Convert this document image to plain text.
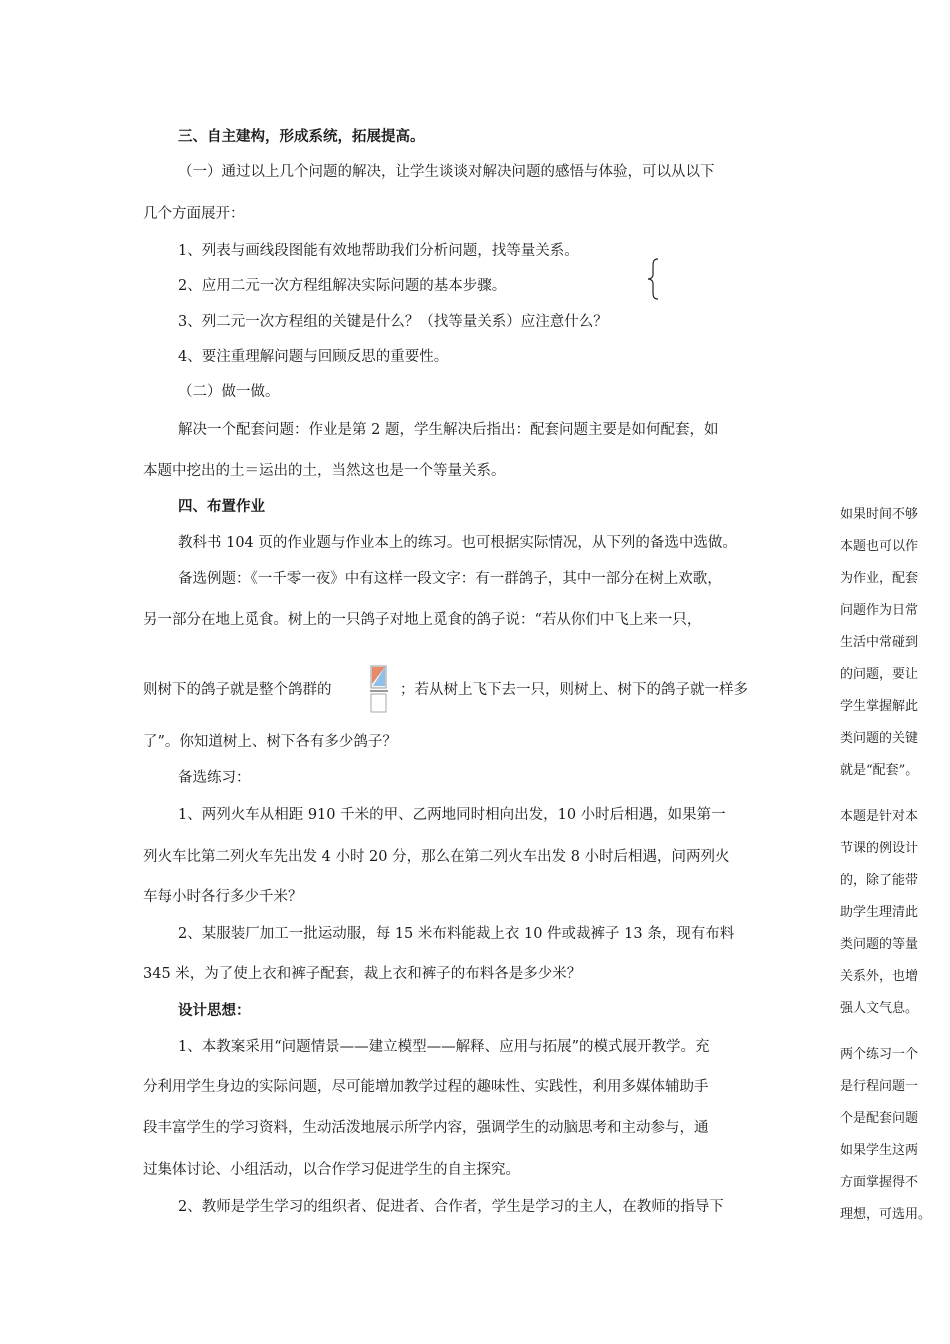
三、自主建构，形成系统，拓展提高。
（一）通过以上几个问题的解决，让学生谈谈对解决问题的感悟与体验，可以从以下
几个方面展开：
1、列表与画线段图能有效地帮助我们分析问题，找等量关系。
2、应用二元一次方程组解决实际问题的基本步骤。
3、列二元一次方程组的关键是什么？（找等量关系）应注意什么？
4、要注重理解问题与回顾反思的重要性。
（二）做一做。
解决一个配套问题：作业是第 2 题，学生解决后指出：配套问题主要是如何配套，如
本题中挖出的土＝运出的土，当然这也是一个等量关系。
四、布置作业
教科书 104 页的作业题与作业本上的练习。也可根据实际情况，从下列的备选中选做。
备选例题：《一千零一夜》中有这样一段文字：有一群鸽子，其中一部分在树上欢歌，
另一部分在地上觅食。树上的一只鸽子对地上觅食的鸽子说：“若从你们中飞上来一只，
则树下的鸽子就是整个鸽群的	；若从树上飞下去一只，则树上、树下的鸽子就一样多
了”。你知道树上、树下各有多少鸽子？
备选练习：
1、两列火车从相距 910 千米的甲、乙两地同时相向出发，10 小时后相遇，如果第一
列火车比第二列火车先出发 4 小时 20 分，那么在第二列火车出发 8 小时后相遇，问两列火
车每小时各行多少千米？
2、某服装厂加工一批运动服，每 15 米布料能裁上衣 10 件或裁裤子 13 条，现有布料
345 米，为了使上衣和裤子配套，裁上衣和裤子的布料各是多少米？
设计思想：
1、本教案采用“问题情景——建立模型——解释、应用与拓展”的模式展开教学。充
分利用学生身边的实际问题，尽可能增加教学过程的趣味性、实践性，利用多媒体辅助手
段丰富学生的学习资料，生动活泼地展示所学内容，强调学生的动脑思考和主动参与，通
过集体讨论、小组活动，以合作学习促进学生的自主探究。
2、教师是学生学习的组织者、促进者、合作者，学生是学习的主人，在教师的指导下
如果时间不够
本题也可以作
为作业，配套
问题作为日常
生活中常碰到
的问题，要让
学生掌握解此
类问题的关键
就是“配套”。
本题是针对本
节课的例设计
的，除了能带
助学生理清此
类问题的等量
关系外，也增
强人文气息。
两个练习一个
是行程问题一
个是配套问题
如果学生这两
方面掌握得不
理想，可选用。
